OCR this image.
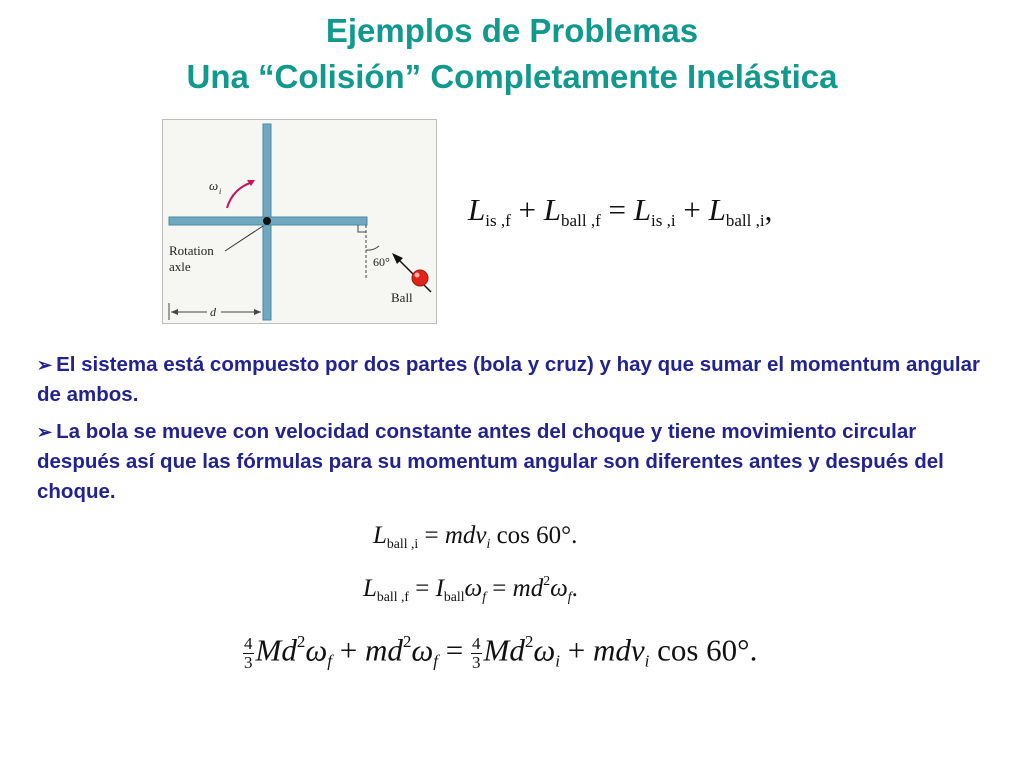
Ejemplos de Problemas
Una “Colisión” Completamente Inelástica
ω i
Rotation
axle	60°
Ball
d
$L_{is ,f} + L_{ball ,f} = L_{is ,i} + L_{ball ,i}$,

➢ El sistema está compuesto por dos partes (bola y cruz) y hay que sumar el momentum angular de ambos.

➢ La bola se mueve con velocidad constante antes del choque y tiene movimiento circular después así que las fórmulas para su momentum angular son diferentes antes y después del choque.

$L_{ball ,i} = mdv_i$ cos 60°.
$L_{ball ,f} = I_{ball}\omega_f = md^2\omega_f$.
$\frac{4}{3} Md^2\omega_f + md^2\omega_f = \frac{4}{3} Md^2\omega_i + mdv_i$ cos 60°.
